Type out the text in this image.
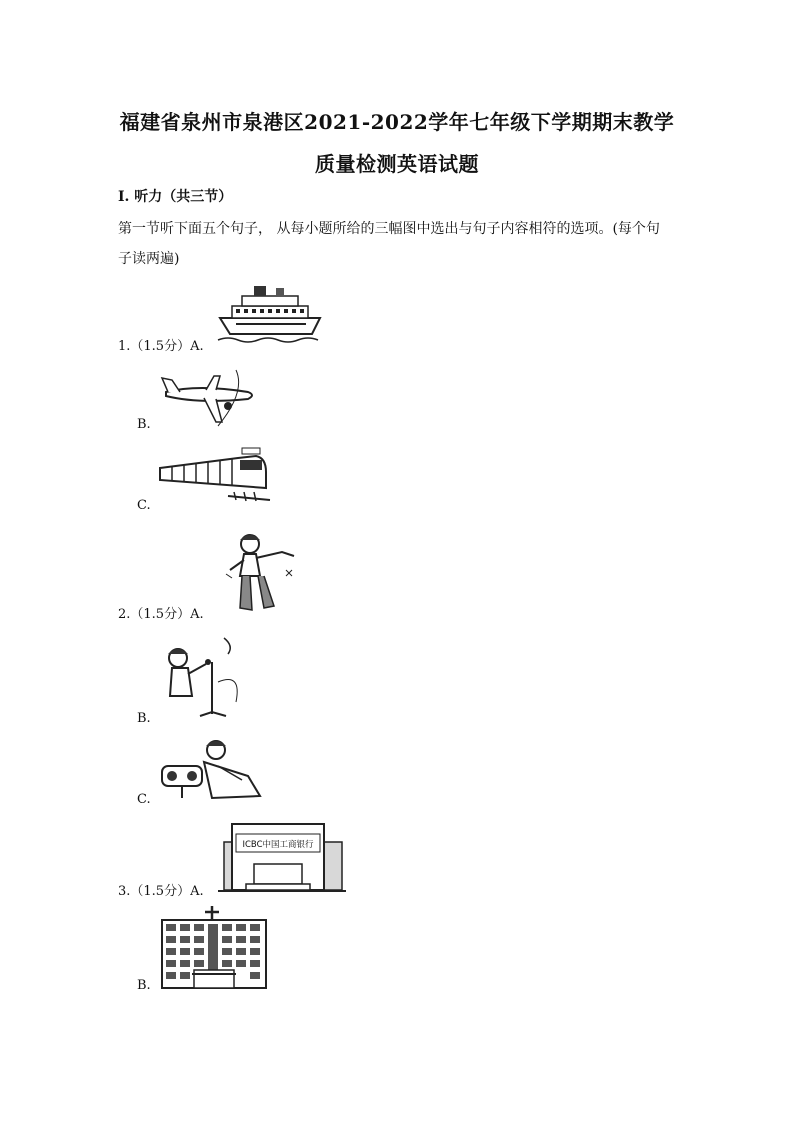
福建省泉州市泉港区2021-2022学年七年级下学期期末教学
质量检测英语试题
I. 听力（共三节）
第一节听下面五个句子， 从每小题所给的三幅图中选出与句子内容相符的选项。(每个句
子读两遍)
1.（1.5分）A.
B.
C.
2.（1.5分）A.
B.
C.
ICBC中国工商银行
3.（1.5分）A.
B.
